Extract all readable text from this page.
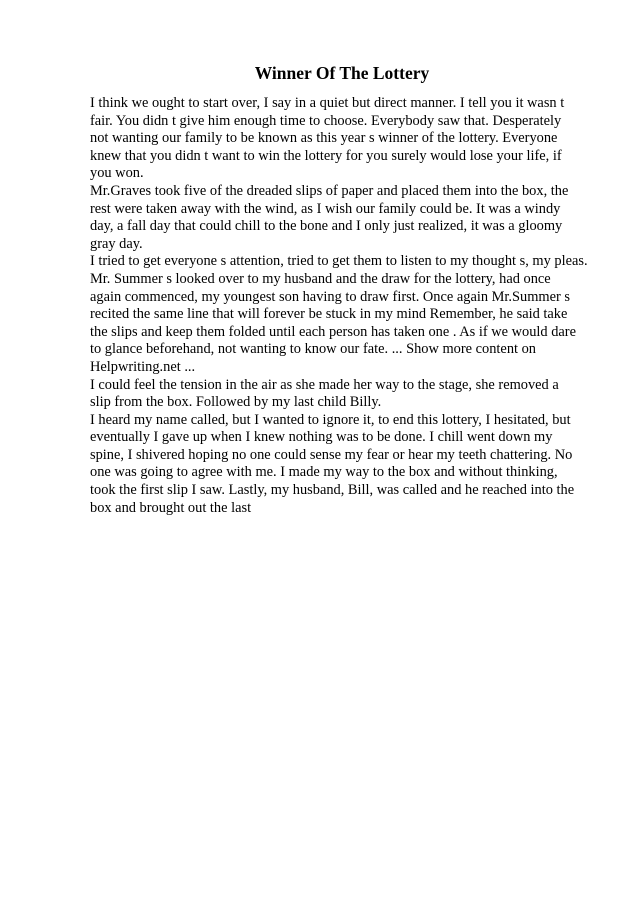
Winner Of The Lottery
I think we ought to start over, I say in a quiet but direct manner. I tell you it wasn t
fair. You didn t give him enough time to choose. Everybody saw that. Desperately
not wanting our family to be known as this year s winner of the lottery. Everyone
knew that you didn t want to win the lottery for you surely would lose your life, if
you won.
Mr.Graves took five of the dreaded slips of paper and placed them into the box, the
rest were taken away with the wind, as I wish our family could be. It was a windy
day, a fall day that could chill to the bone and I only just realized, it was a gloomy
gray day.
I tried to get everyone s attention, tried to get them to listen to my thought s, my pleas.
Mr. Summer s looked over to my husband and the draw for the lottery, had once
again commenced, my youngest son having to draw first. Once again Mr.Summer s
recited the same line that will forever be stuck in my mind Remember, he said take
the slips and keep them folded until each person has taken one . As if we would dare
to glance beforehand, not wanting to know our fate. ... Show more content on
Helpwriting.net ...
I could feel the tension in the air as she made her way to the stage, she removed a
slip from the box. Followed by my last child Billy.
I heard my name called, but I wanted to ignore it, to end this lottery, I hesitated, but
eventually I gave up when I knew nothing was to be done. I chill went down my
spine, I shivered hoping no one could sense my fear or hear my teeth chattering. No
one was going to agree with me. I made my way to the box and without thinking,
took the first slip I saw. Lastly, my husband, Bill, was called and he reached into the
box and brought out the last
